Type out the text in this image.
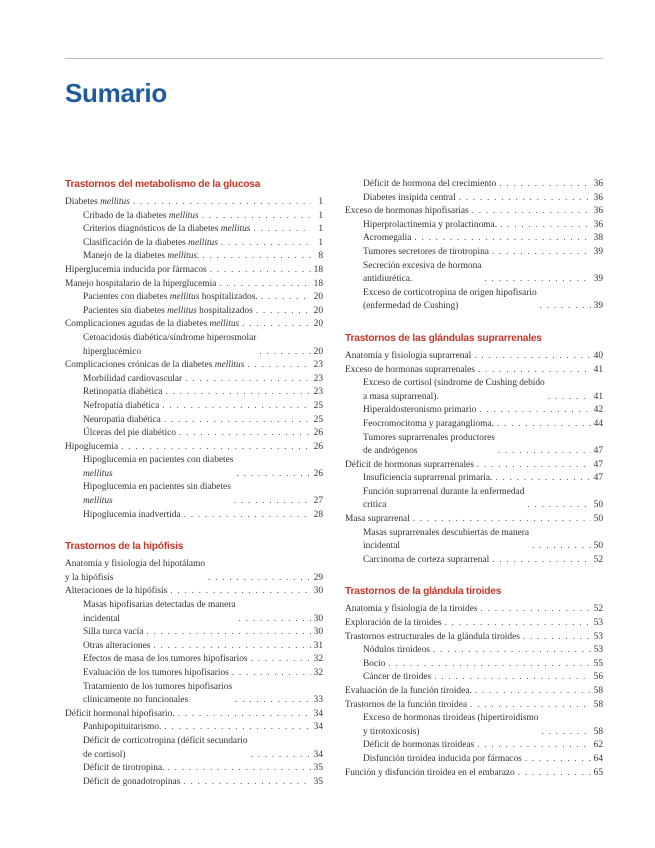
Sumario
Trastornos del metabolismo de la glucosa
Diabetes mellitus . . .	1
Cribado de la diabetes mellitus . . .	1
Criterios diagnósticos de la diabetes mellitus . . .	1
Clasificación de la diabetes mellitus . . .	1
Manejo de la diabetes mellitus. . . .	8
Hiperglucemia inducida por fármacos . . .	18
Manejo hospitalario de la hiperglucemia . . .	18
Pacientes con diabetes mellitus hospitalizados. . . .	20
Pacientes sin diabetes mellitus hospitalizados . . .	20
Complicaciones agudas de la diabetes mellitus . . .	20
Cetoacidosis diabética/síndrome hiperosmolar
hiperglucémico . . .	20
Complicaciones crónicas de la diabetes mellitus . . .	23
Morbilidad cardiovascular . . .	23
Retinopatía diabética . . .	23
Nefropatía diabética . . .	25
Neuropatía diabética . . .	25
Úlceras del pie diabético . . .	26
Hipoglucemia . . .	26
Hipoglucemia en pacientes con diabetes
mellitus . . .	26
Hipoglucemia en pacientes sin diabetes
mellitus . . .	27
Hipoglucemia inadvertida . . .	28
Trastornos de la hipófisis
Anatomía y fisiología del hipotálamo
y la hipófisis . . .	29
Alteraciones de la hipófisis . . .	30
Masas hipofisarias detectadas de manera
incidental . . .	30
Silla turca vacía . . .	30
Otras alteraciones . . .	31
Efectos de masa de los tumores hipofisarios . . .	32
Evaluación de los tumores hipofisarios . . .	32
Tratamiento de los tumores hipofisarios
clínicamente no funcionales . . .	33
Déficit hormonal hipofisario. . . .	34
Panhipopituitarismo. . . .	34
Déficit de corticotropina (déficit secundario
de cortisol) . . .	34
Déficit de tirotropina. . . .	35
Déficit de gonadotropinas . . .	35
Déficit de hormona del crecimiento . . .	36
Diabetes insípida central . . .	36
Exceso de hormonas hipofisarias . . .	36
Hiperprolactinemia y prolactinoma. . . .	36
Acromegalia . . .	38
Tumores secretores de tirotropina . . .	39
Secreción excesiva de hormona
antidiurética. . . .	39
Exceso de corticotropina de origen hipofisario
(enfermedad de Cushing) . . .	39
Trastornos de las glándulas suprarrenales
Anatomía y fisiología suprarrenal . . .	40
Exceso de hormonas suprarrenales . . .	41
Exceso de cortisol (síndrome de Cushing debido
a masa suprarrenal). . . .	41
Hiperaldosteronismo primario . . .	42
Feocromocitoma y paraganglioma. . . .	44
Tumores suprarrenales productores
de andrógenos . . .	47
Déficit de hormonas suprarrenales . . .	47
Insuficiencia suprarrenal primaria. . . .	47
Función suprarrenal durante la enfermedad
crítica . . .	50
Masa suprarrenal . . .	50
Masas suprarrenales descubiertas de manera
incidental . . .	50
Carcinoma de corteza suprarrenal . . .	52
Trastornos de la glándula tiroides
Anatomía y fisiología de la tiroides . . .	52
Exploración de la tiroides . . .	53
Trastornos estructurales de la glándula tiroides . . .	53
Nódulos tiroideos . . .	53
Bocio . . .	55
Cáncer de tiroides . . .	56
Evaluación de la función tiroidea. . . .	58
Trastornos de la función tiroidea . . .	58
Exceso de hormonas tiroideas (hipertiroidismo
y tirotoxicosis) . . .	58
Déficit de hormonas tiroideas . . .	62
Disfunción tiroidea inducida por fármacos . . .	64
Función y disfunción tiroidea en el embarazo . . .	65
